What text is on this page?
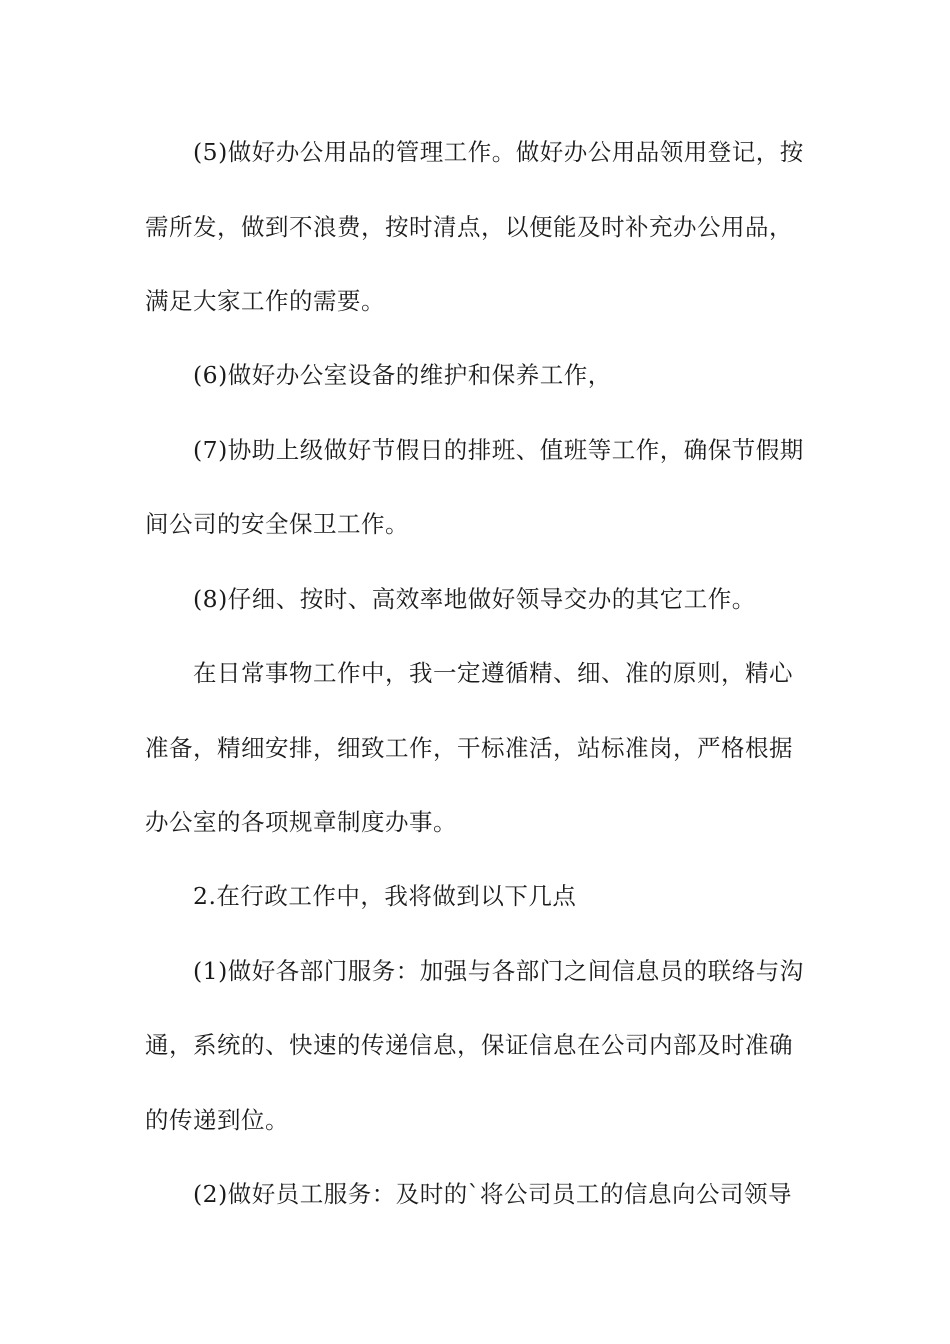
(5)做好办公用品的管理工作。做好办公用品领用登记，按
需所发，做到不浪费，按时清点，以便能及时补充办公用品，
满足大家工作的需要。
(6)做好办公室设备的维护和保养工作，
(7)协助上级做好节假日的排班、值班等工作，确保节假期
间公司的安全保卫工作。
(8)仔细、按时、高效率地做好领导交办的其它工作。
在日常事物工作中，我一定遵循精、细、准的原则，精心
准备，精细安排，细致工作，干标准活，站标准岗，严格根据
办公室的各项规章制度办事。
2.在行政工作中，我将做到以下几点
(1)做好各部门服务：加强与各部门之间信息员的联络与沟
通，系统的、快速的传递信息，保证信息在公司内部及时准确
的传递到位。
(2)做好员工服务：及时的`将公司员工的信息向公司领导
